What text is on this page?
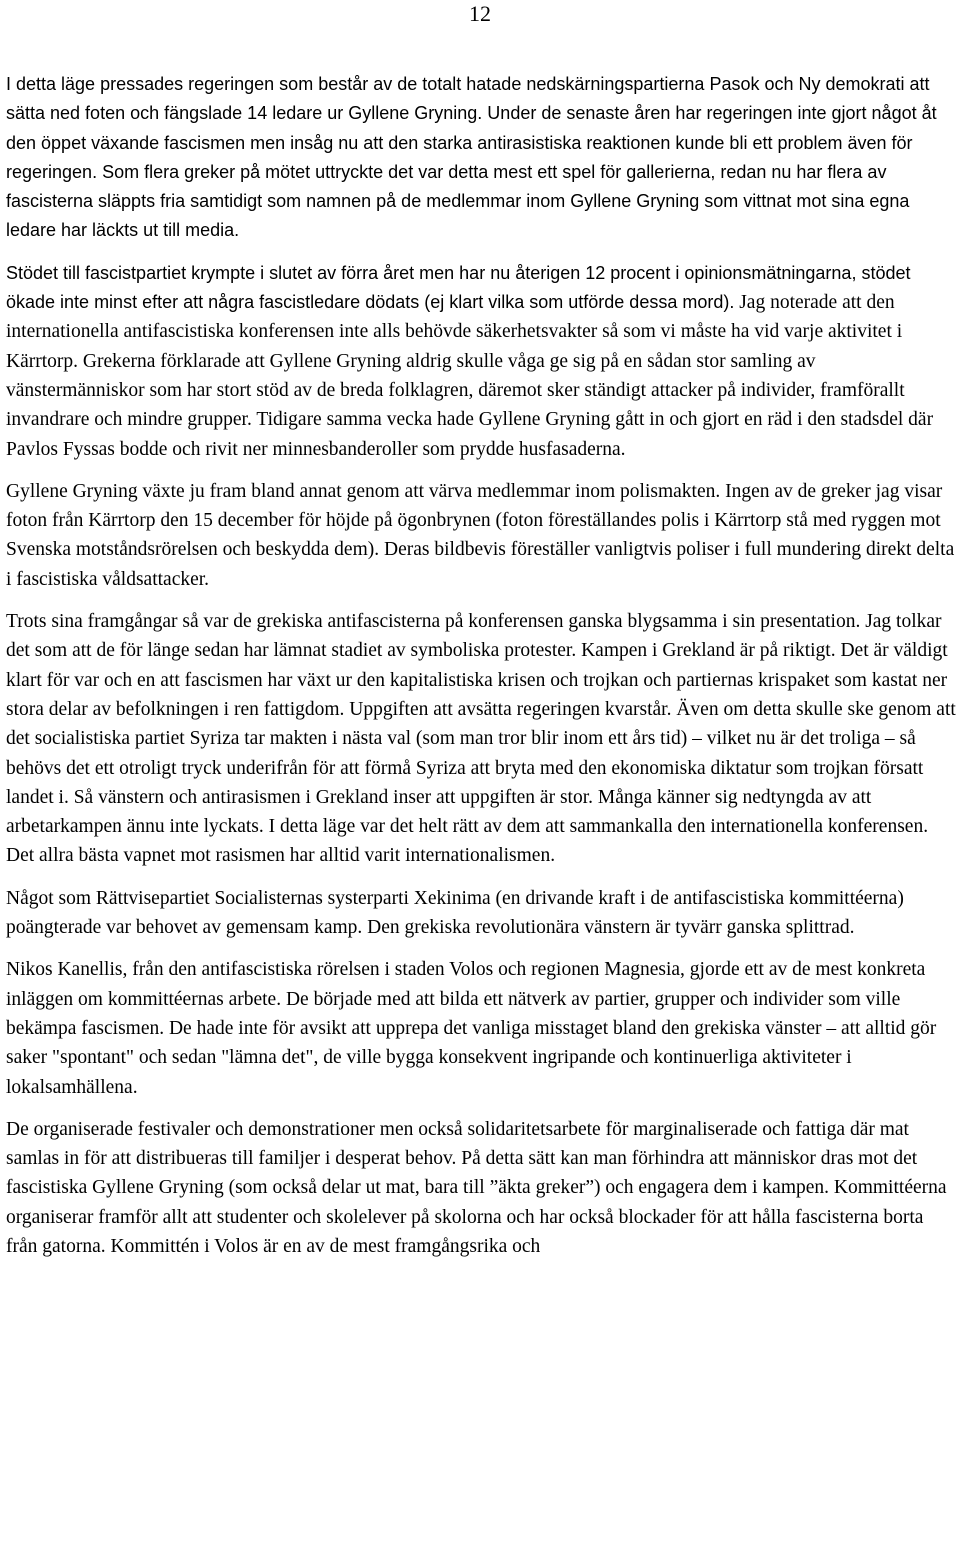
12

I detta läge pressades regeringen som består av de totalt hatade nedskärningspartierna Pasok och Ny demokrati att sätta ned foten och fängslade 14 ledare ur Gyllene Gryning. Under de senaste åren har regeringen inte gjort något åt den öppet växande fascismen men insåg nu att den starka antirasistiska reaktionen kunde bli ett problem även för regeringen. Som flera greker på mötet uttryckte det var detta mest ett spel för gallerierna, redan nu har flera av fascisterna släppts fria samtidigt som namnen på de medlemmar inom Gyllene Gryning som vittnat mot sina egna ledare har läckts ut till media.

Stödet till fascistpartiet krympte i slutet av förra året men har nu återigen 12 procent i opinionsmätningarna, stödet ökade inte minst efter att några fascistledare dödats (ej klart vilka som utförde dessa mord). Jag noterade att den internationella antifascistiska konferensen inte alls behövde säkerhetsvakter så som vi måste ha vid varje aktivitet i Kärrtorp. Grekerna förklarade att Gyllene Gryning aldrig skulle våga ge sig på en sådan stor samling av vänstermänniskor som har stort stöd av de breda folklagren, däremot sker ständigt attacker på individer, framförallt invandrare och mindre grupper. Tidigare samma vecka hade Gyllene Gryning gått in och gjort en räd i den stadsdel där Pavlos Fyssas bodde och rivit ner minnesbanderoller som prydde husfasaderna.

Gyllene Gryning växte ju fram bland annat genom att värva medlemmar inom polismakten. Ingen av de greker jag visar foton från Kärrtorp den 15 december för höjde på ögonbrynen (foton föreställandes polis i Kärrtorp stå med ryggen mot Svenska motståndsrörelsen och beskydda dem). Deras bildbevis föreställer vanligtvis poliser i full mundering direkt delta i fascistiska våldsattacker.

Trots sina framgångar så var de grekiska antifascisterna på konferensen ganska blygsamma i sin presentation. Jag tolkar det som att de för länge sedan har lämnat stadiet av symboliska protester. Kampen i Grekland är på riktigt. Det är väldigt klart för var och en att fascismen har växt ur den kapitalistiska krisen och trojkan och partiernas krispaket som kastat ner stora delar av befolkningen i ren fattigdom. Uppgiften att avsätta regeringen kvarstår. Även om detta skulle ske genom att det socialistiska partiet Syriza tar makten i nästa val (som man tror blir inom ett års tid) – vilket nu är det troliga – så behövs det ett otroligt tryck underifrån för att förmå Syriza att bryta med den ekonomiska diktatur som trojkan försatt landet i. Så vänstern och antirasismen i Grekland inser att uppgiften är stor. Många känner sig nedtyngda av att arbetarkampen ännu inte lyckats. I detta läge var det helt rätt av dem att sammankalla den internationella konferensen. Det allra bästa vapnet mot rasismen har alltid varit internationalismen.

Något som Rättvisepartiet Socialisternas systerparti Xekinima (en drivande kraft i de antifascistiska kommittéerna) poängterade var behovet av gemensam kamp. Den grekiska revolutionära vänstern är tyvärr ganska splittrad.

Nikos Kanellis, från den antifascistiska rörelsen i staden Volos och regionen Magnesia, gjorde ett av de mest konkreta inläggen om kommittéernas arbete. De började med att bilda ett nätverk av partier, grupper och individer som ville bekämpa fascismen. De hade inte för avsikt att upprepa det vanliga misstaget bland den grekiska vänster – att alltid gör saker "spontant" och sedan "lämna det", de ville bygga konsekvent ingripande och kontinuerliga aktiviteter i lokalsamhällena.

De organiserade festivaler och demonstrationer men också solidaritetsarbete för marginaliserade och fattiga där mat samlas in för att distribueras till familjer i desperat behov. På detta sätt kan man förhindra att människor dras mot det fascistiska Gyllene Gryning (som också delar ut mat, bara till ”äkta greker”) och engagera dem i kampen. Kommittéerna organiserar framför allt att studenter och skolelever på skolorna och har också blockader för att hålla fascisterna borta från gatorna. Kommittén i Volos är en av de mest framgångsrika och
